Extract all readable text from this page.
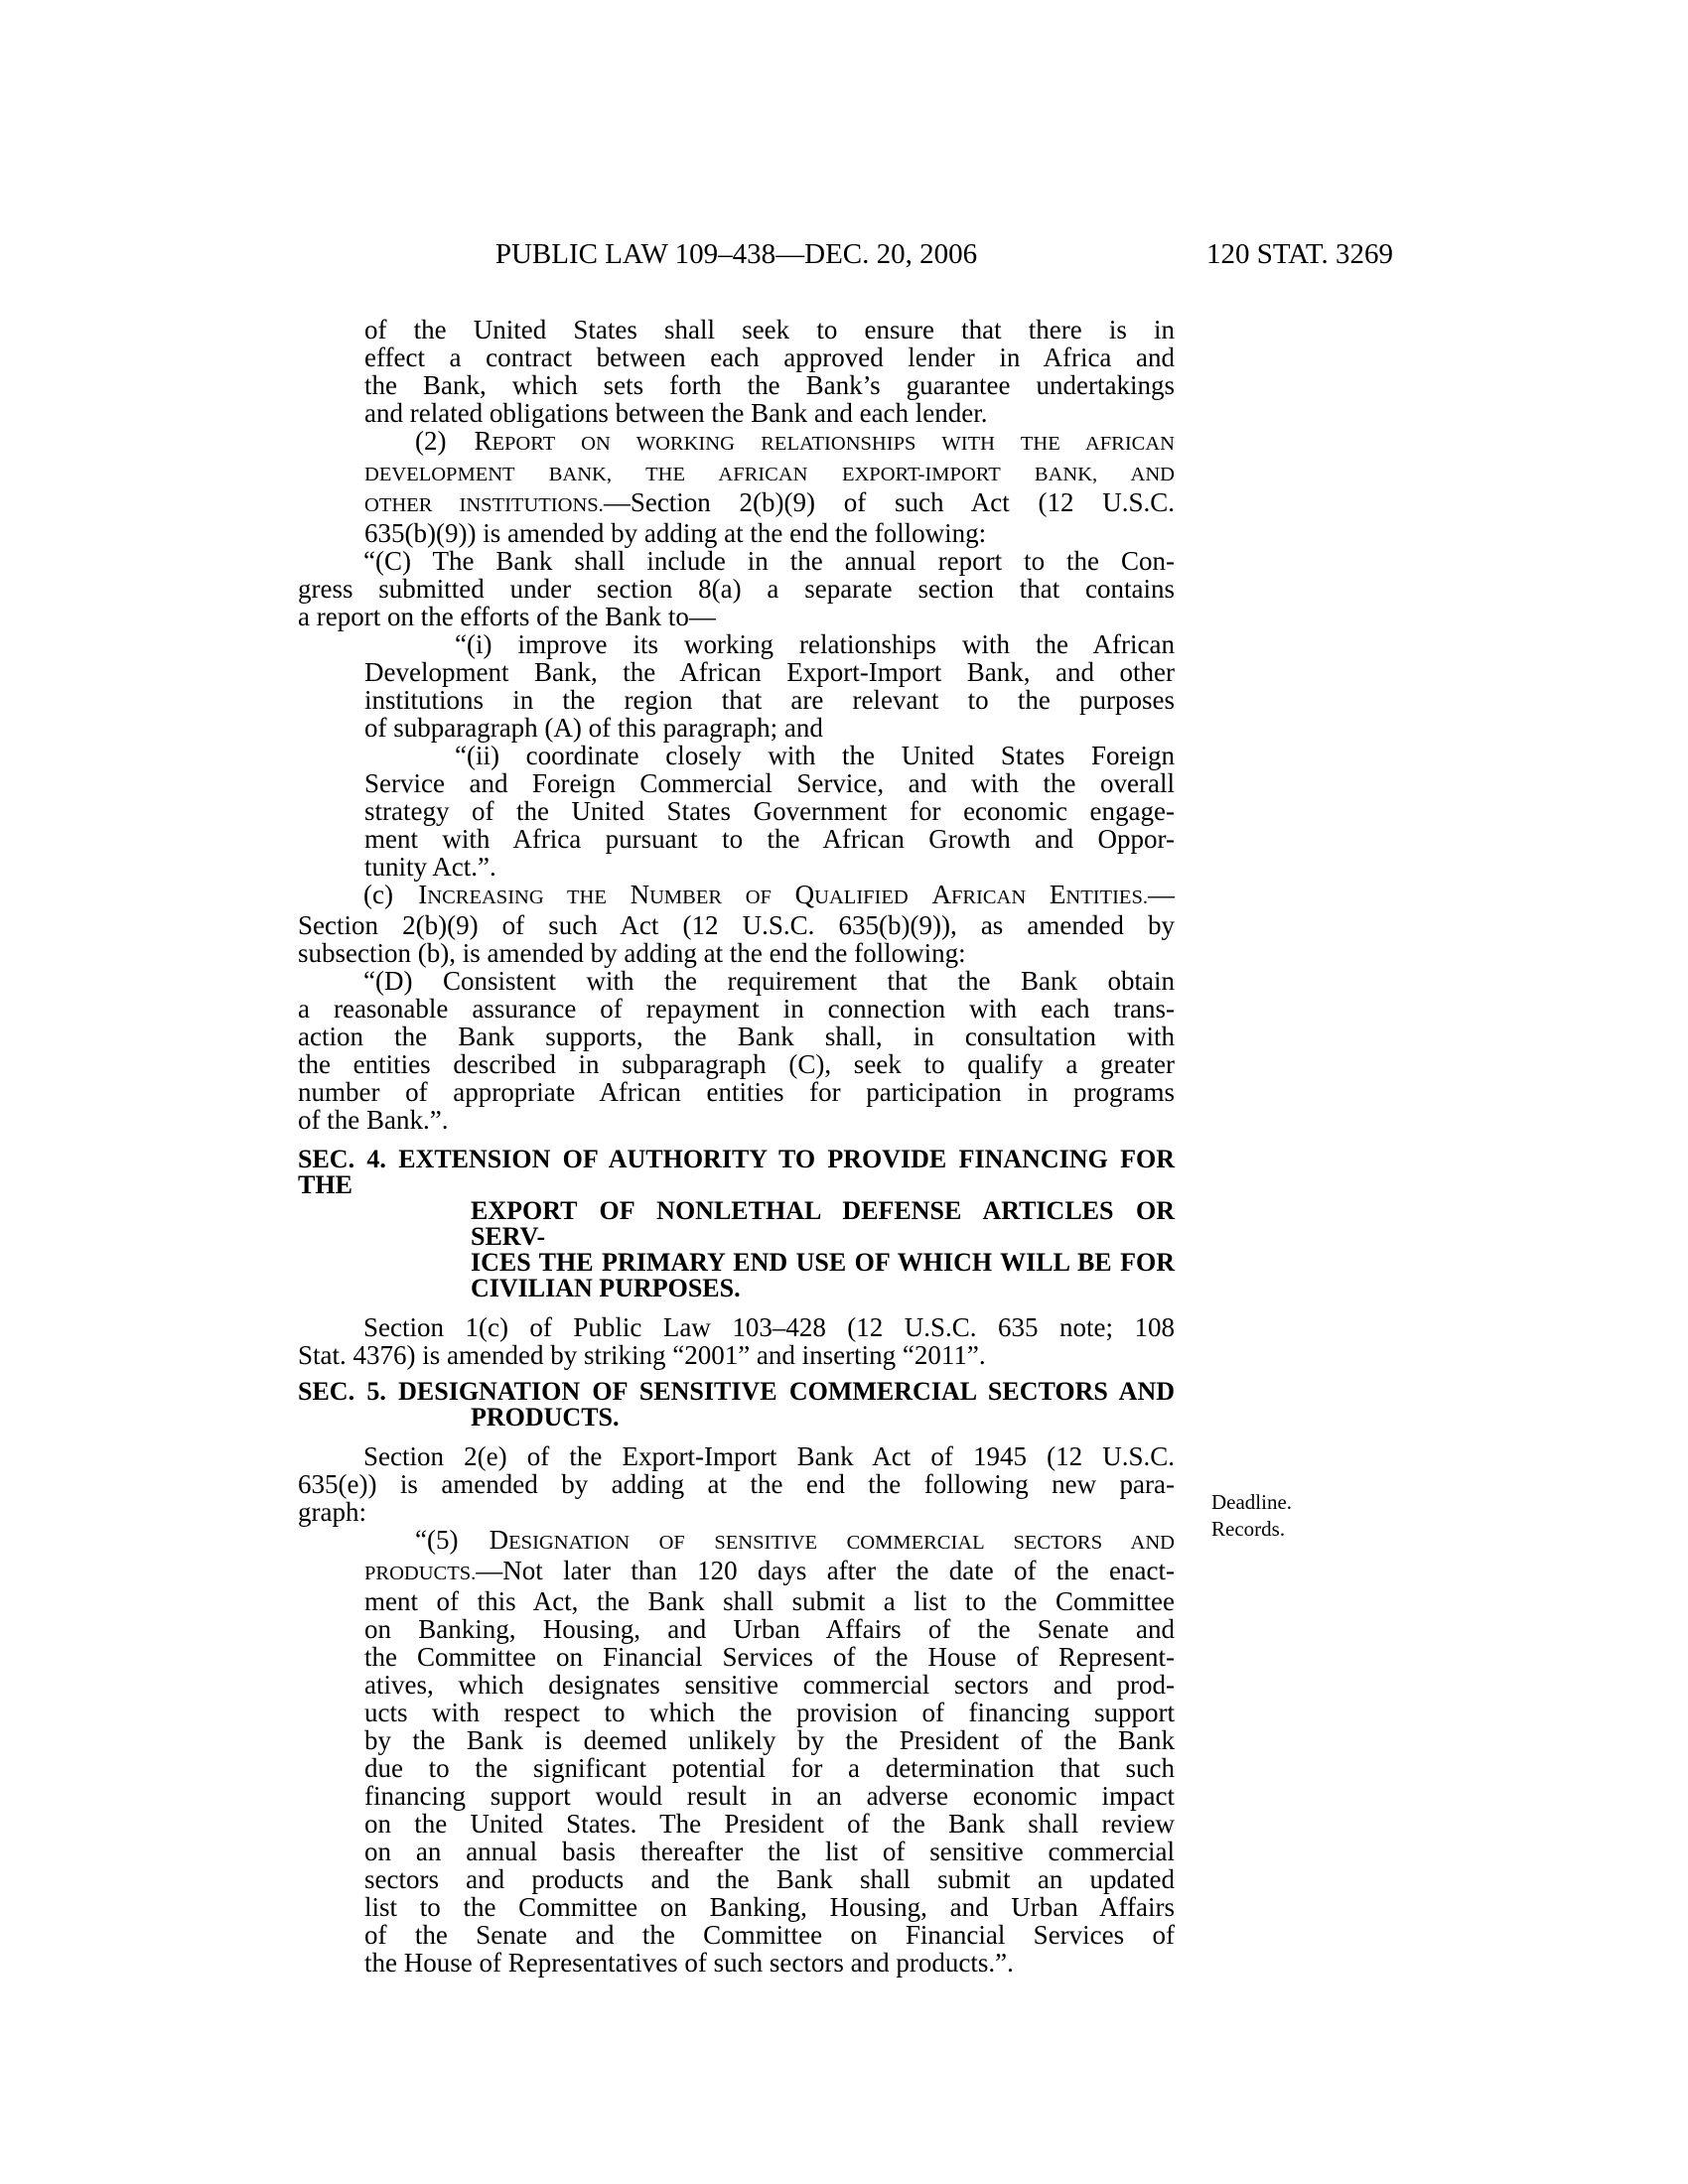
PUBLIC LAW 109–438—DEC. 20, 2006	120 STAT. 3269
of the United States shall seek to ensure that there is in
effect a contract between each approved lender in Africa and
the Bank, which sets forth the Bank’s guarantee undertakings
and related obligations between the Bank and each lender.
(2) REPORT ON WORKING RELATIONSHIPS WITH THE AFRICAN
DEVELOPMENT BANK, THE AFRICAN EXPORT-IMPORT BANK, AND
OTHER INSTITUTIONS.—Section 2(b)(9) of such Act (12 U.S.C.
635(b)(9)) is amended by adding at the end the following:
“(C) The Bank shall include in the annual report to the Con-
gress submitted under section 8(a) a separate section that contains
a report on the efforts of the Bank to—
“(i) improve its working relationships with the African
Development Bank, the African Export-Import Bank, and other
institutions in the region that are relevant to the purposes
of subparagraph (A) of this paragraph; and
“(ii) coordinate closely with the United States Foreign
Service and Foreign Commercial Service, and with the overall
strategy of the United States Government for economic engage-
ment with Africa pursuant to the African Growth and Oppor-
tunity Act.”.
(c) INCREASING THE NUMBER OF QUALIFIED AFRICAN ENTITIES.—
Section 2(b)(9) of such Act (12 U.S.C. 635(b)(9)), as amended by
subsection (b), is amended by adding at the end the following:
“(D) Consistent with the requirement that the Bank obtain
a reasonable assurance of repayment in connection with each trans-
action the Bank supports, the Bank shall, in consultation with
the entities described in subparagraph (C), seek to qualify a greater
number of appropriate African entities for participation in programs
of the Bank.”.
SEC. 4. EXTENSION OF AUTHORITY TO PROVIDE FINANCING FOR THE
EXPORT OF NONLETHAL DEFENSE ARTICLES OR SERV-
ICES THE PRIMARY END USE OF WHICH WILL BE FOR
CIVILIAN PURPOSES.
Section 1(c) of Public Law 103–428 (12 U.S.C. 635 note; 108
Stat. 4376) is amended by striking “2001” and inserting “2011”.
SEC. 5. DESIGNATION OF SENSITIVE COMMERCIAL SECTORS AND
PRODUCTS.
Section 2(e) of the Export-Import Bank Act of 1945 (12 U.S.C.
635(e)) is amended by adding at the end the following new para-
graph:
“(5) DESIGNATION OF SENSITIVE COMMERCIAL SECTORS AND
PRODUCTS.—Not later than 120 days after the date of the enact-
ment of this Act, the Bank shall submit a list to the Committee
on Banking, Housing, and Urban Affairs of the Senate and
the Committee on Financial Services of the House of Represent-
atives, which designates sensitive commercial sectors and prod-
ucts with respect to which the provision of financing support
by the Bank is deemed unlikely by the President of the Bank
due to the significant potential for a determination that such
financing support would result in an adverse economic impact
on the United States. The President of the Bank shall review
on an annual basis thereafter the list of sensitive commercial
sectors and products and the Bank shall submit an updated
list to the Committee on Banking, Housing, and Urban Affairs
of the Senate and the Committee on Financial Services of
the House of Representatives of such sectors and products.”.
Deadline.
Records.
